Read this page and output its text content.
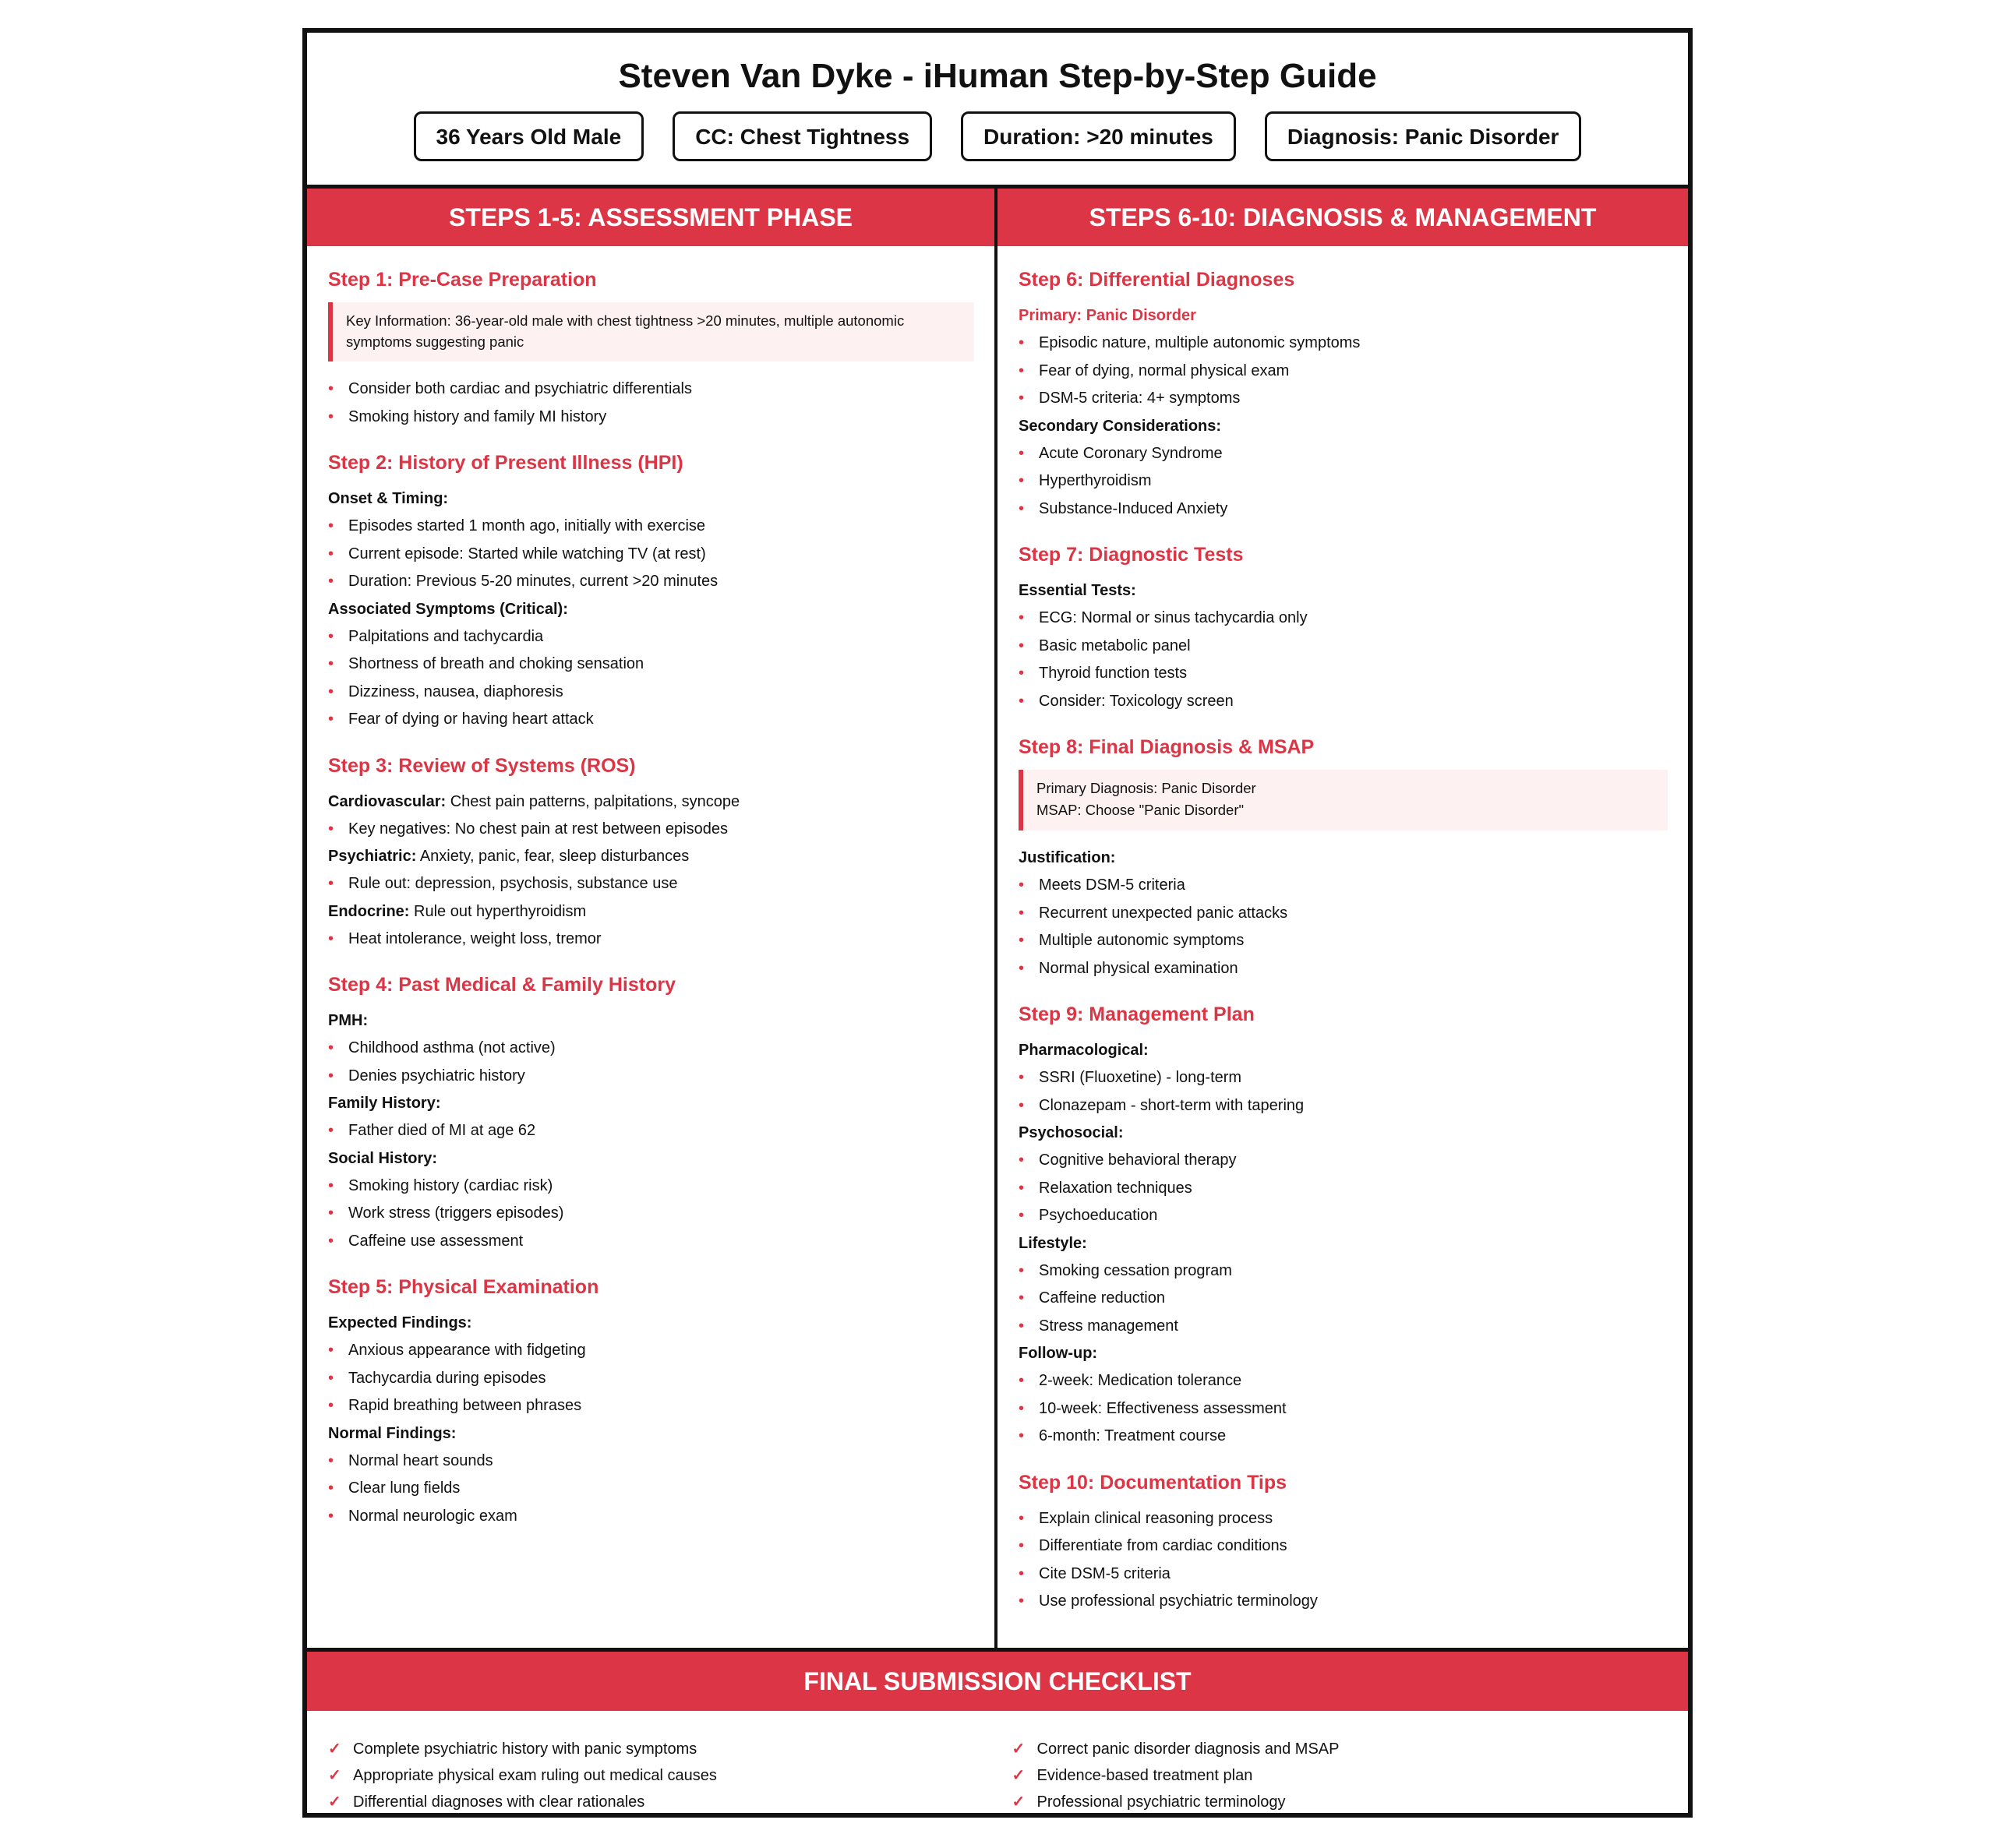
Steven Van Dyke - iHuman Step-by-Step Guide
36 Years Old Male	CC: Chest Tightness	Duration: >20 minutes	Diagnosis: Panic Disorder
STEPS 1-5: ASSESSMENT PHASE
Step 1: Pre-Case Preparation
Key Information: 36-year-old male with chest tightness >20 minutes, multiple autonomic symptoms suggesting panic
• Consider both cardiac and psychiatric differentials
• Smoking history and family MI history
Step 2: History of Present Illness (HPI)
Onset & Timing:
• Episodes started 1 month ago, initially with exercise
• Current episode: Started while watching TV (at rest)
• Duration: Previous 5-20 minutes, current >20 minutes
Associated Symptoms (Critical):
• Palpitations and tachycardia
• Shortness of breath and choking sensation
• Dizziness, nausea, diaphoresis
• Fear of dying or having heart attack
Step 3: Review of Systems (ROS)
Cardiovascular: Chest pain patterns, palpitations, syncope
• Key negatives: No chest pain at rest between episodes
Psychiatric: Anxiety, panic, fear, sleep disturbances
• Rule out: depression, psychosis, substance use
Endocrine: Rule out hyperthyroidism
• Heat intolerance, weight loss, tremor
Step 4: Past Medical & Family History
PMH:
• Childhood asthma (not active)
• Denies psychiatric history
Family History:
• Father died of MI at age 62
Social History:
• Smoking history (cardiac risk)
• Work stress (triggers episodes)
• Caffeine use assessment
Step 5: Physical Examination
Expected Findings:
• Anxious appearance with fidgeting
• Tachycardia during episodes
• Rapid breathing between phrases
Normal Findings:
• Normal heart sounds
• Clear lung fields
• Normal neurologic exam
STEPS 6-10: DIAGNOSIS & MANAGEMENT
Step 6: Differential Diagnoses
Primary: Panic Disorder
• Episodic nature, multiple autonomic symptoms
• Fear of dying, normal physical exam
• DSM-5 criteria: 4+ symptoms
Secondary Considerations:
• Acute Coronary Syndrome
• Hyperthyroidism
• Substance-Induced Anxiety
Step 7: Diagnostic Tests
Essential Tests:
• ECG: Normal or sinus tachycardia only
• Basic metabolic panel
• Thyroid function tests
• Consider: Toxicology screen
Step 8: Final Diagnosis & MSAP
Primary Diagnosis: Panic Disorder
MSAP: Choose "Panic Disorder"
Justification:
• Meets DSM-5 criteria
• Recurrent unexpected panic attacks
• Multiple autonomic symptoms
• Normal physical examination
Step 9: Management Plan
Pharmacological:
• SSRI (Fluoxetine) - long-term
• Clonazepam - short-term with tapering
Psychosocial:
• Cognitive behavioral therapy
• Relaxation techniques
• Psychoeducation
Lifestyle:
• Smoking cessation program
• Caffeine reduction
• Stress management
Follow-up:
• 2-week: Medication tolerance
• 10-week: Effectiveness assessment
• 6-month: Treatment course
Step 10: Documentation Tips
• Explain clinical reasoning process
• Differentiate from cardiac conditions
• Cite DSM-5 criteria
• Use professional psychiatric terminology
FINAL SUBMISSION CHECKLIST
✓ Complete psychiatric history with panic symptoms
✓ Appropriate physical exam ruling out medical causes
✓ Differential diagnoses with clear rationales
✓ Correct panic disorder diagnosis and MSAP
✓ Evidence-based treatment plan
✓ Professional psychiatric terminology
